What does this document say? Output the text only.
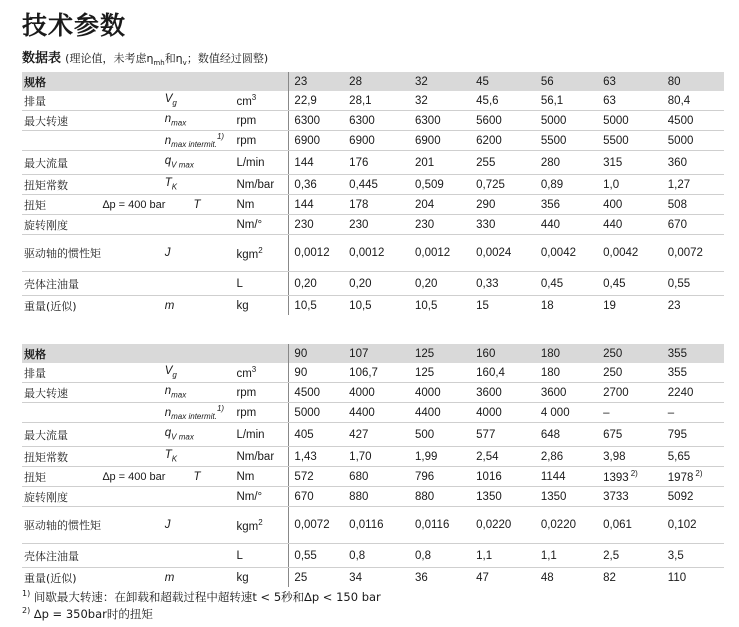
技术参数

数据表 (理论值，未考虑$\eta_{mh}$和$\eta_v$；数值经过圆整)

规格			23	28	32	45	56	63	80
排量	$V_g$	$cm^3$	22,9	28,1	32	45,6	56,1	63	80,4
最大转速	$n_{max}$	rpm	6300	6300	6300	5600	5000	5000	4500
	$n_{max intermit.}^{1)}$	rpm	6900	6900	6900	6200	5500	5500	5000
最大流量	$q_{V max}$	L/min	144	176	201	255	280	315	360
扭矩常数	$T_K$	Nm/bar	0,36	0,445	0,509	0,725	0,89	1,0	1,27
扭矩	∆p = 400 bar T	Nm	144	178	204	290	356	400	508
旋转刚度		Nm/°	230	230	230	330	440	440	670
驱动轴的惯性矩	J	kgm$^2$	0,0012	0,0012	0,0012	0,0024	0,0042	0,0042	0,0072
壳体注油量		L	0,20	0,20	0,20	0,33	0,45	0,45	0,55
重量(近似)	m	kg	10,5	10,5	10,5	15	18	19	23
规格			90	107	125	160	180	250	355
排量	$V_g$	$cm^3$	90	106,7	125	160,4	180	250	355
最大转速	$n_{max}$	rpm	4500	4000	4000	3600	3600	2700	2240
	$n_{max intermit.}^{1)}$	rpm	5000	4400	4400	4000	4 000	–	–
最大流量	$q_{V max}$	L/min	405	427	500	577	648	675	795
扭矩常数	$T_K$	Nm/bar	1,43	1,70	1,99	2,54	2,86	3,98	5,65
扭矩	∆p = 400 bar T	Nm	572	680	796	1016	1144	1393 $^{2)}$	1978 $^{2)}$
旋转刚度		Nm/°	670	880	880	1350	1350	3733	5092
驱动轴的惯性矩	J	kgm$^2$	0,0072	0,0116	0,0116	0,0220	0,0220	0,061	0,102
壳体注油量		L	0,55	0,8	0,8	1,1	1,1	2,5	3,5
重量(近似)	m	kg	25	34	36	47	48	82	110

$^{1)}$ 间歇最大转速：在卸载和超载过程中超转速t < 5秒和∆p < 150 bar

$^{2)}$ ∆p = 350bar时的扭矩
